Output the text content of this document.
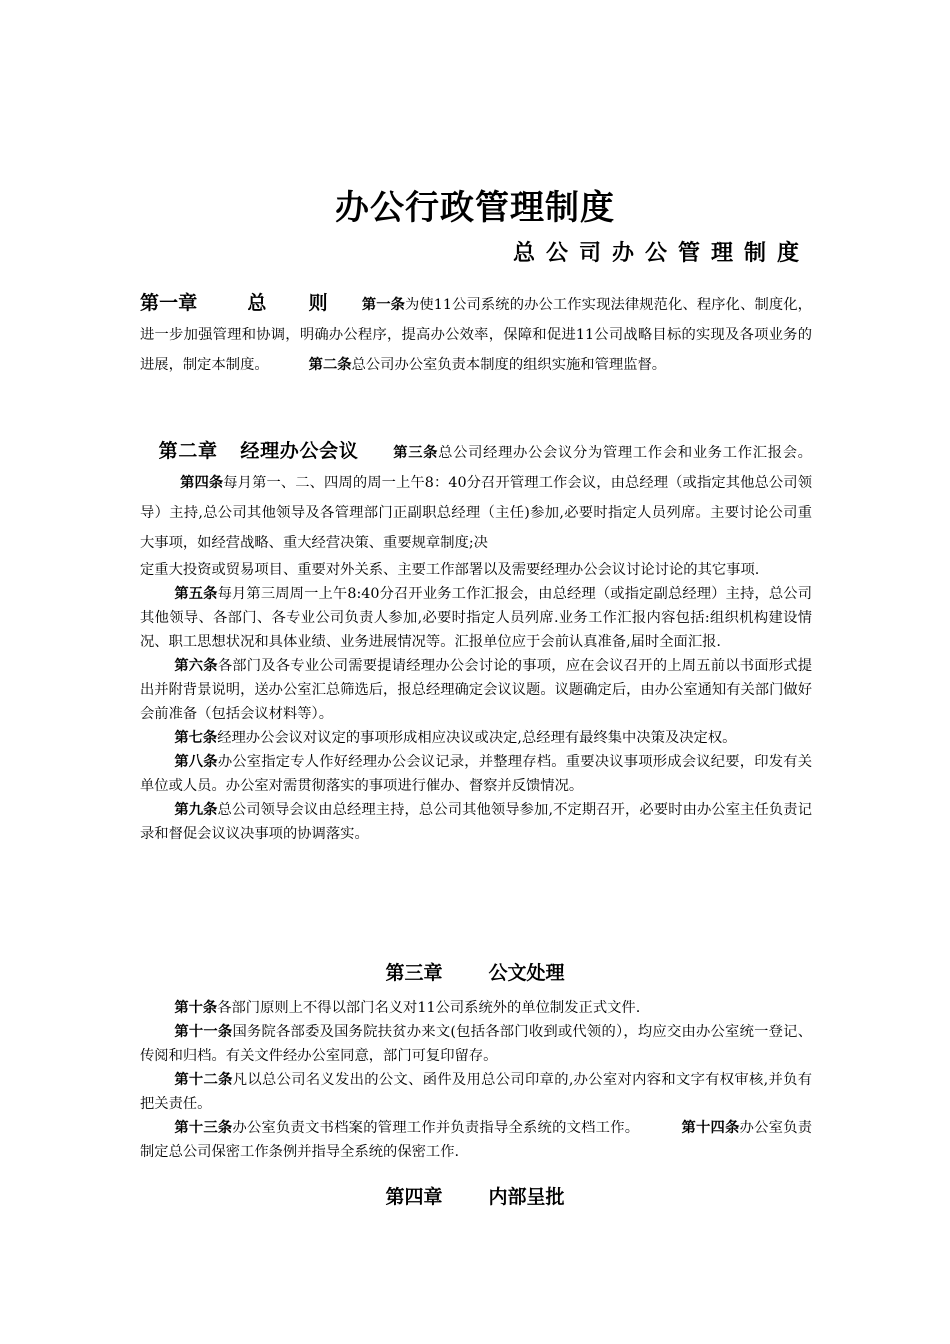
办公行政管理制度
总公司办公管理制度

第一章	总 则 第一条为使11公司系统的办公工作实现法律规范化、程序化、制度化，进一步加强管理和协调，明确办公程序，提高办公效率，保障和促进11公司战略目标的实现及各项业务的进展，制定本制度。	第二条总公司办公室负责本制度的组织实施和管理监督。

第二章 经理办公会议 第三条总公司经理办公会议分为管理工作会和业务工作汇报会。第四条每月第一、二、四周的周一上午8：40分召开管理工作会议，由总经理（或指定其他总公司领导）主持,总公司其他领导及各管理部门正副职总经理（主任)参加,必要时指定人员列席。主要讨论公司重大事项，如经营战略、重大经营决策、重要规章制度;决

定重大投资或贸易项目、重要对外关系、主要工作部署以及需要经理办公会议讨论讨论的其它事项.

第五条每月第三周周一上午8:40分召开业务工作汇报会，由总经理（或指定副总经理）主持，总公司其他领导、各部门、各专业公司负责人参加,必要时指定人员列席.业务工作汇报内容包括:组织机构建设情况、职工思想状况和具体业绩、业务进展情况等。汇报单位应于会前认真准备,届时全面汇报.

第六条各部门及各专业公司需要提请经理办公会讨论的事项，应在会议召开的上周五前以书面形式提出并附背景说明，送办公室汇总筛选后，报总经理确定会议议题。议题确定后，由办公室通知有关部门做好会前准备（包括会议材料等）。

第七条经理办公会议对议定的事项形成相应决议或决定,总经理有最终集中决策及决定权。

第八条办公室指定专人作好经理办公会议记录，并整理存档。重要决议事项形成会议纪要，印发有关单位或人员。办公室对需贯彻落实的事项进行催办、督察并反馈情况。

第九条总公司领导会议由总经理主持，总公司其他领导参加,不定期召开，必要时由办公室主任负责记录和督促会议议决事项的协调落实。

第三章 公文处理

第十条各部门原则上不得以部门名义对11公司系统外的单位制发正式文件.

第十一条国务院各部委及国务院扶贫办来文(包括各部门收到或代领的），均应交由办公室统一登记、传阅和归档。有关文件经办公室同意，部门可复印留存。

第十二条凡以总公司名义发出的公文、函件及用总公司印章的,办公室对内容和文字有权审核,并负有把关责任。

第十三条办公室负责文书档案的管理工作并负责指导全系统的文档工作。	第十四条办公室负责制定总公司保密工作条例并指导全系统的保密工作.

第四章 内部呈批
